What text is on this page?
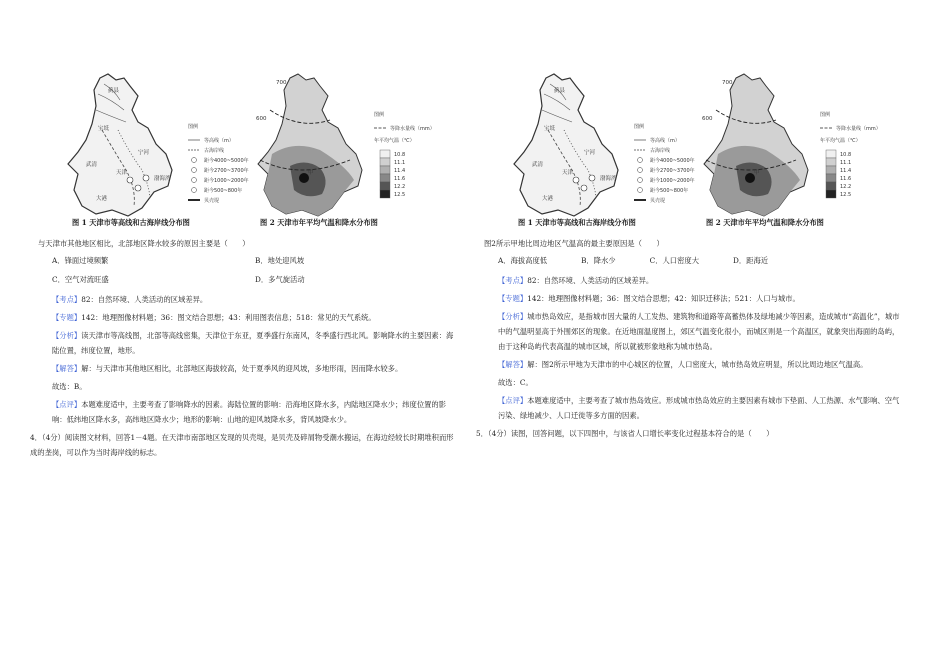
蓟县
宝坻
武清
天津
宁河
大港
渤海湾
图例
等高线（m）
古海岸线
距今4000~5000年
距今2700~3700年
距今1000~2000年
距今500~800年
贝壳堤
700
600
甲
图例
等降水量线（mm）
年平均气温（℃）
10.8
11.1
11.4
11.6
12.2
12.5
图 1 天津市等高线和古海岸线分布图	图 2 天津市年平均气温和降水分布图

与天津市其他地区相比，北部地区降水较多的原因主要是（　　）

A．锋面过境频繁	B．地处迎风坡
C．空气对流旺盛	D．多气旋活动

【考点】82：自然环境、人类活动的区域差异。

【专题】142：地理图像材料题；36：图文结合思想；43：利用图表信息；518：常见的天气系统。

【分析】读天津市等高线图，北部等高线密集，天津位于东亚，夏季盛行东南风，冬季盛行西北风。影响降水的主要因素：海陆位置，纬度位置，地形。

【解答】解：与天津市其他地区相比，北部地区海拔较高，处于夏季风的迎风坡，多地形雨，因而降水较多。

故选：B。

【点评】本题难度适中，主要考查了影响降水的因素。海陆位置的影响：沿海地区降水多，内陆地区降水少；纬度位置的影响：低纬地区降水多，高纬地区降水少；地形的影响：山地的迎风坡降水多，背风坡降水少。

4．（4分）阅读图文材料，回答1－4题。在天津市南部地区发现的贝壳堤，是贝壳及碎屑物受潮水搬运，在海边经较长时期堆积而形成的垄岗，可以作为当时海岸线的标志。

蓟县
宝坻
武清
天津
宁河
大港
渤海湾
图例
等高线（m）
古海岸线
距今4000~5000年
距今2700~3700年
距今1000~2000年
距今500~800年
贝壳堤
700
600
甲
图例
等降水量线（mm）
年平均气温（℃）
10.8
11.1
11.4
11.6
12.2
12.5
图 1 天津市等高线和古海岸线分布图	图 2 天津市年平均气温和降水分布图

图2所示甲地比周边地区气温高的最主要原因是（　　）

A．海拔高度低	B．降水少	C．人口密度大	D．距海近

【考点】82：自然环境、人类活动的区域差异。

【专题】142：地理图像材料题；36：图文结合思想；42：知识迁移法；521：人口与城市。

【分析】城市热岛效应，是指城市因大量的人工发热、建筑物和道路等高蓄热体及绿地减少等因素，造成城市“高温化”，城市中的气温明显高于外围郊区的现象。在近地面温度图上，郊区气温变化很小，而城区则是一个高温区，就象突出海面的岛屿，由于这种岛屿代表高温的城市区域，所以就被形象地称为城市热岛。

【解答】解：图2所示甲地为天津市的中心城区的位置，人口密度大，城市热岛效应明显，所以比周边地区气温高。

故选：C。

【点评】本题难度适中，主要考查了城市热岛效应。形成城市热岛效应的主要因素有城市下垫面、人工热源、水气影响、空气污染、绿地减少、人口迁徙等多方面的因素。

5．（4分）读图，回答问题，以下四图中，与该省人口增长率变化过程基本符合的是（　　）
